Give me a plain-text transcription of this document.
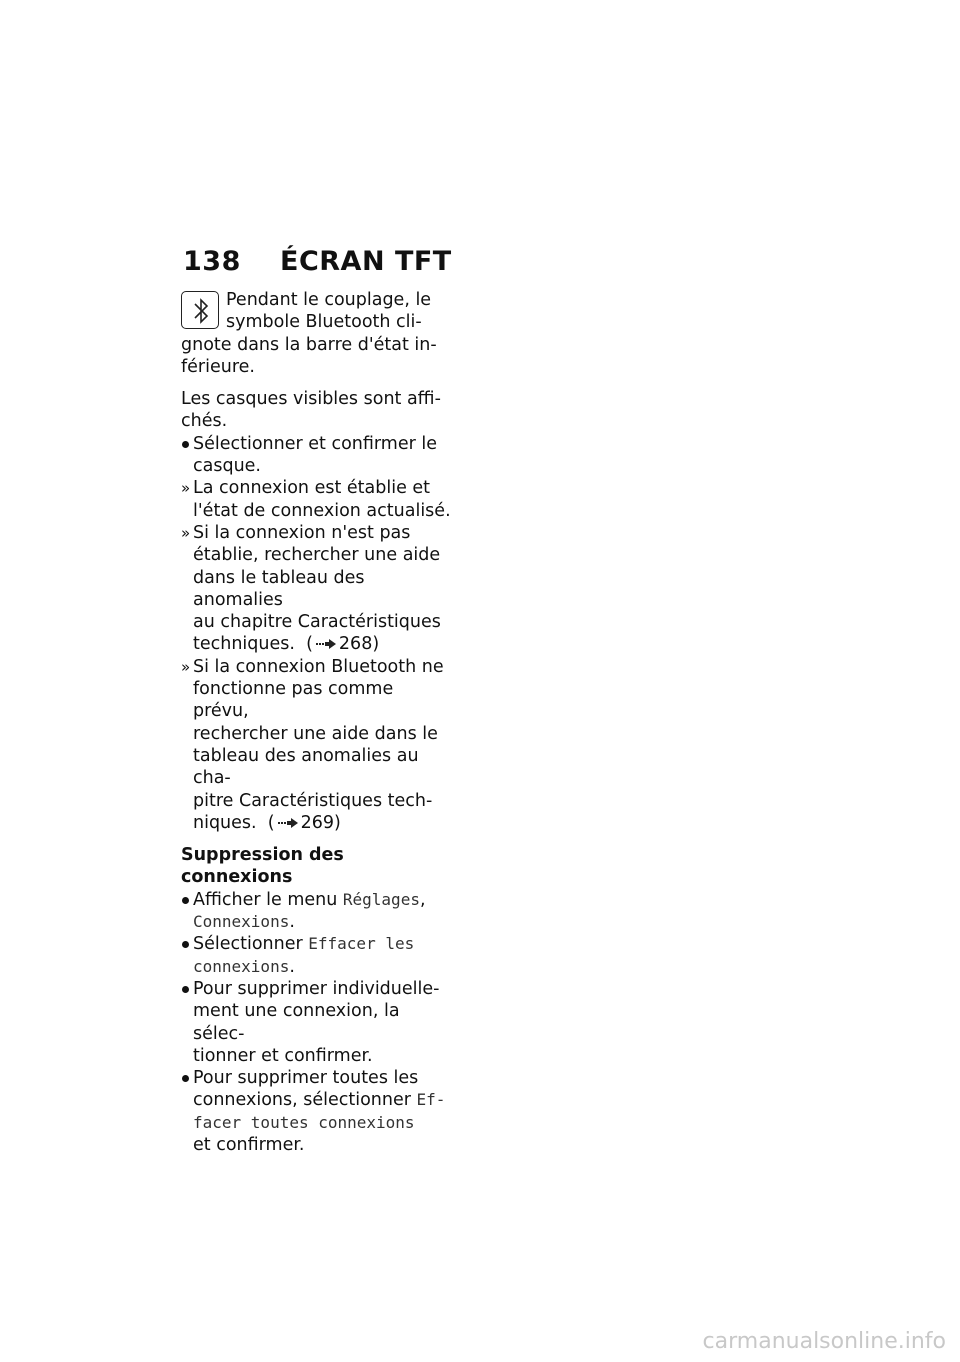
138 ÉCRAN TFT

Pendant le couplage, le

symbole Bluetooth cli-

gnote dans la barre d'état in-

férieure.

Les casques visibles sont affi-

chés.

Sélectionner et confirmer le

casque.

» La connexion est établie et

l'état de connexion actualisé.

» Si la connexion n'est pas

établie, rechercher une aide

dans le tableau des anomalies

au chapitre Caractéristiques

techniques. ( 268)

» Si la connexion Bluetooth ne

fonctionne pas comme prévu,

rechercher une aide dans le

tableau des anomalies au cha-

pitre Caractéristiques tech-

niques. ( 269)

Suppression des connexions

Afficher le menu Réglages,

Connexions.

Sélectionner Effacer les

connexions.

Pour supprimer individuelle-

ment une connexion, la sélec-

tionner et confirmer.

Pour supprimer toutes les

connexions, sélectionner Ef-

facer toutes connexions

et confirmer.

carmanualsonline.info
